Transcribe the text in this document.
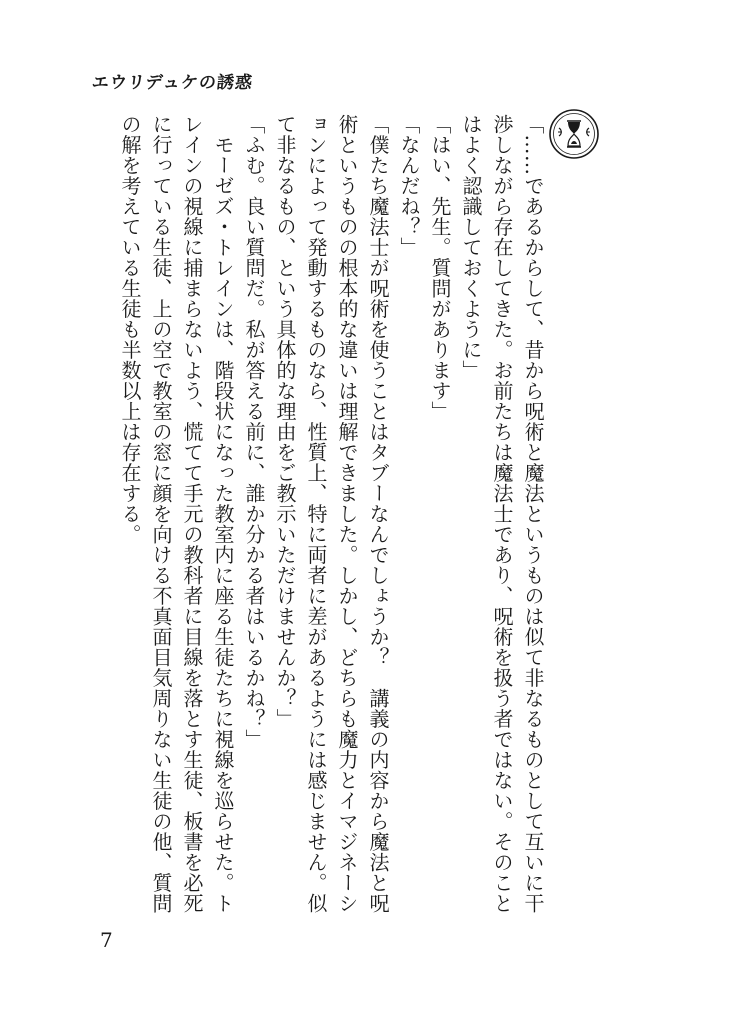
エウリデュケの誘惑

「……であるからして、昔から呪術と魔法というものは似て非なるものとして互いに干渉しながら存在してきた。お前たちは魔法士であり、呪術を扱う者ではない。そのことはよく認識しておくように」

「はい、先生。質問があります」

「なんだね？」

「僕たち魔法士が呪術を使うことはタブーなんでしょうか？　講義の内容から魔法と呪術というものの根本的な違いは理解できました。しかし、どちらも魔力とイマジネーションによって発動するものなら、性質上、特に両者に差があるようには感じません。似て非なるもの、という具体的な理由をご教示いただけませんか？」

「ふむ。良い質問だ。私が答える前に、誰か分かる者はいるかね？」

　モーゼズ・トレインは、階段状になった教室内に座る生徒たちに視線を巡らせた。トレインの視線に捕まらないよう、慌てて手元の教科者に目線を落とす生徒、板書を必死に行っている生徒、上の空で教室の窓に顔を向ける不真面目気周りない生徒の他、質問の解を考えている生徒も半数以上は存在する。

7
